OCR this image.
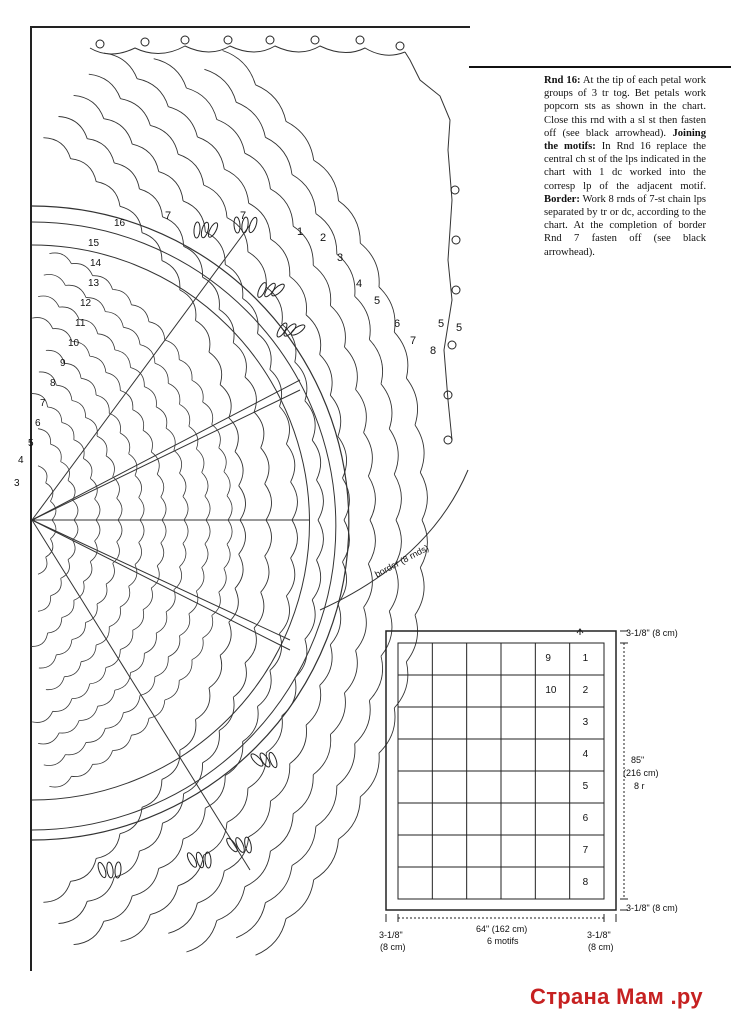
Rnd 16: At the tip of each petal work groups of 3 tr tog. Bet petals work popcorn sts as shown in the chart. Close this rnd with a sl st then fasten off (see black arrowhead). Joining the motifs: In Rnd 16 replace the central ch st of the lps indicated in the chart with 1 dc worked into the corresp lp of the adjacent motif. Border: Work 8 rnds of 7-st chain lps separated by tr or dc, according to the chart. At the completion of border Rnd 7 fasten off (see black arrowhead).
16
15
14
13
12
11
10
9
8
7
6
5
4
3
7	7
1 2
3
4
5
6
7
8
5 5
border (8 rnds)
3-1/8" (8 cm)
3-1/8" (8 cm)
85"
(216 cm)
8 r
64" (162 cm)
6 motifs
3-1/8"
(8 cm)
3-1/8"
(8 cm)
1
2
3
4
5
6
7
8
9
10
Страна Мам .ру
